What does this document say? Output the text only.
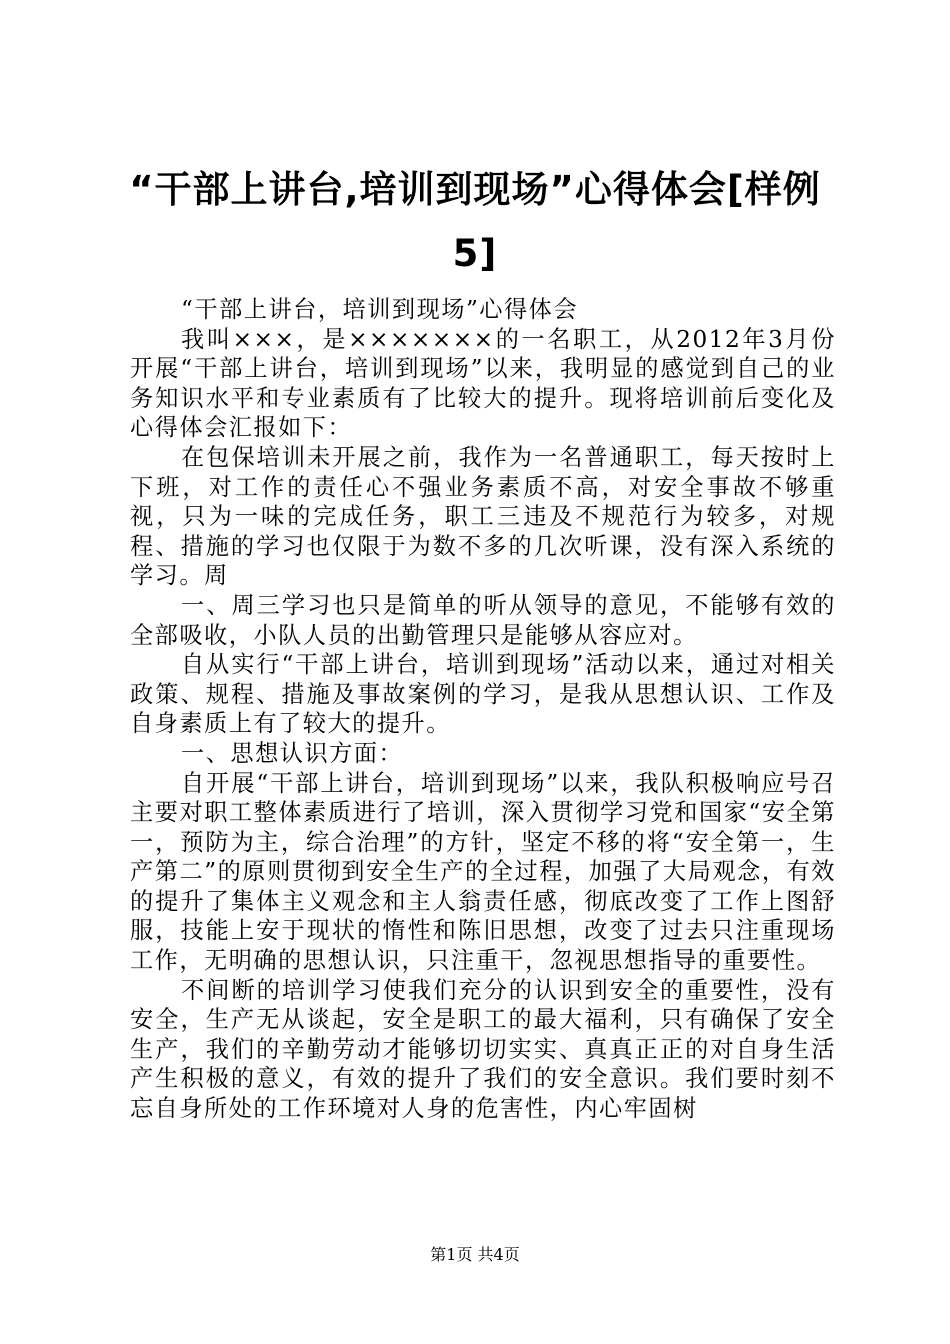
“干部上讲台,培训到现场”心得体会[样例
5]

“干部上讲台，培训到现场”心得体会

我叫×××，是×××××××的一名职工，从2012年3月份开展“干部上讲台，培训到现场”以来，我明显的感觉到自己的业务知识水平和专业素质有了比较大的提升。现将培训前后变化及心得体会汇报如下：

在包保培训未开展之前，我作为一名普通职工，每天按时上下班，对工作的责任心不强业务素质不高，对安全事故不够重视，只为一味的完成任务，职工三违及不规范行为较多，对规程、措施的学习也仅限于为数不多的几次听课，没有深入系统的学习。周

一、周三学习也只是简单的听从领导的意见，不能够有效的全部吸收，小队人员的出勤管理只是能够从容应对。

自从实行“干部上讲台，培训到现场”活动以来，通过对相关政策、规程、措施及事故案例的学习，是我从思想认识、工作及自身素质上有了较大的提升。

一、思想认识方面：

自开展“干部上讲台，培训到现场”以来，我队积极响应号召主要对职工整体素质进行了培训，深入贯彻学习党和国家“安全第一，预防为主，综合治理”的方针，坚定不移的将“安全第一，生产第二”的原则贯彻到安全生产的全过程，加强了大局观念，有效的提升了集体主义观念和主人翁责任感，彻底改变了工作上图舒服，技能上安于现状的惰性和陈旧思想，改变了过去只注重现场工作，无明确的思想认识，只注重干，忽视思想指导的重要性。

不间断的培训学习使我们充分的认识到安全的重要性，没有安全，生产无从谈起，安全是职工的最大福利，只有确保了安全生产，我们的辛勤劳动才能够切切实实、真真正正的对自身生活产生积极的意义，有效的提升了我们的安全意识。我们要时刻不忘自身所处的工作环境对人身的危害性，内心牢固树

第1页 共4页
